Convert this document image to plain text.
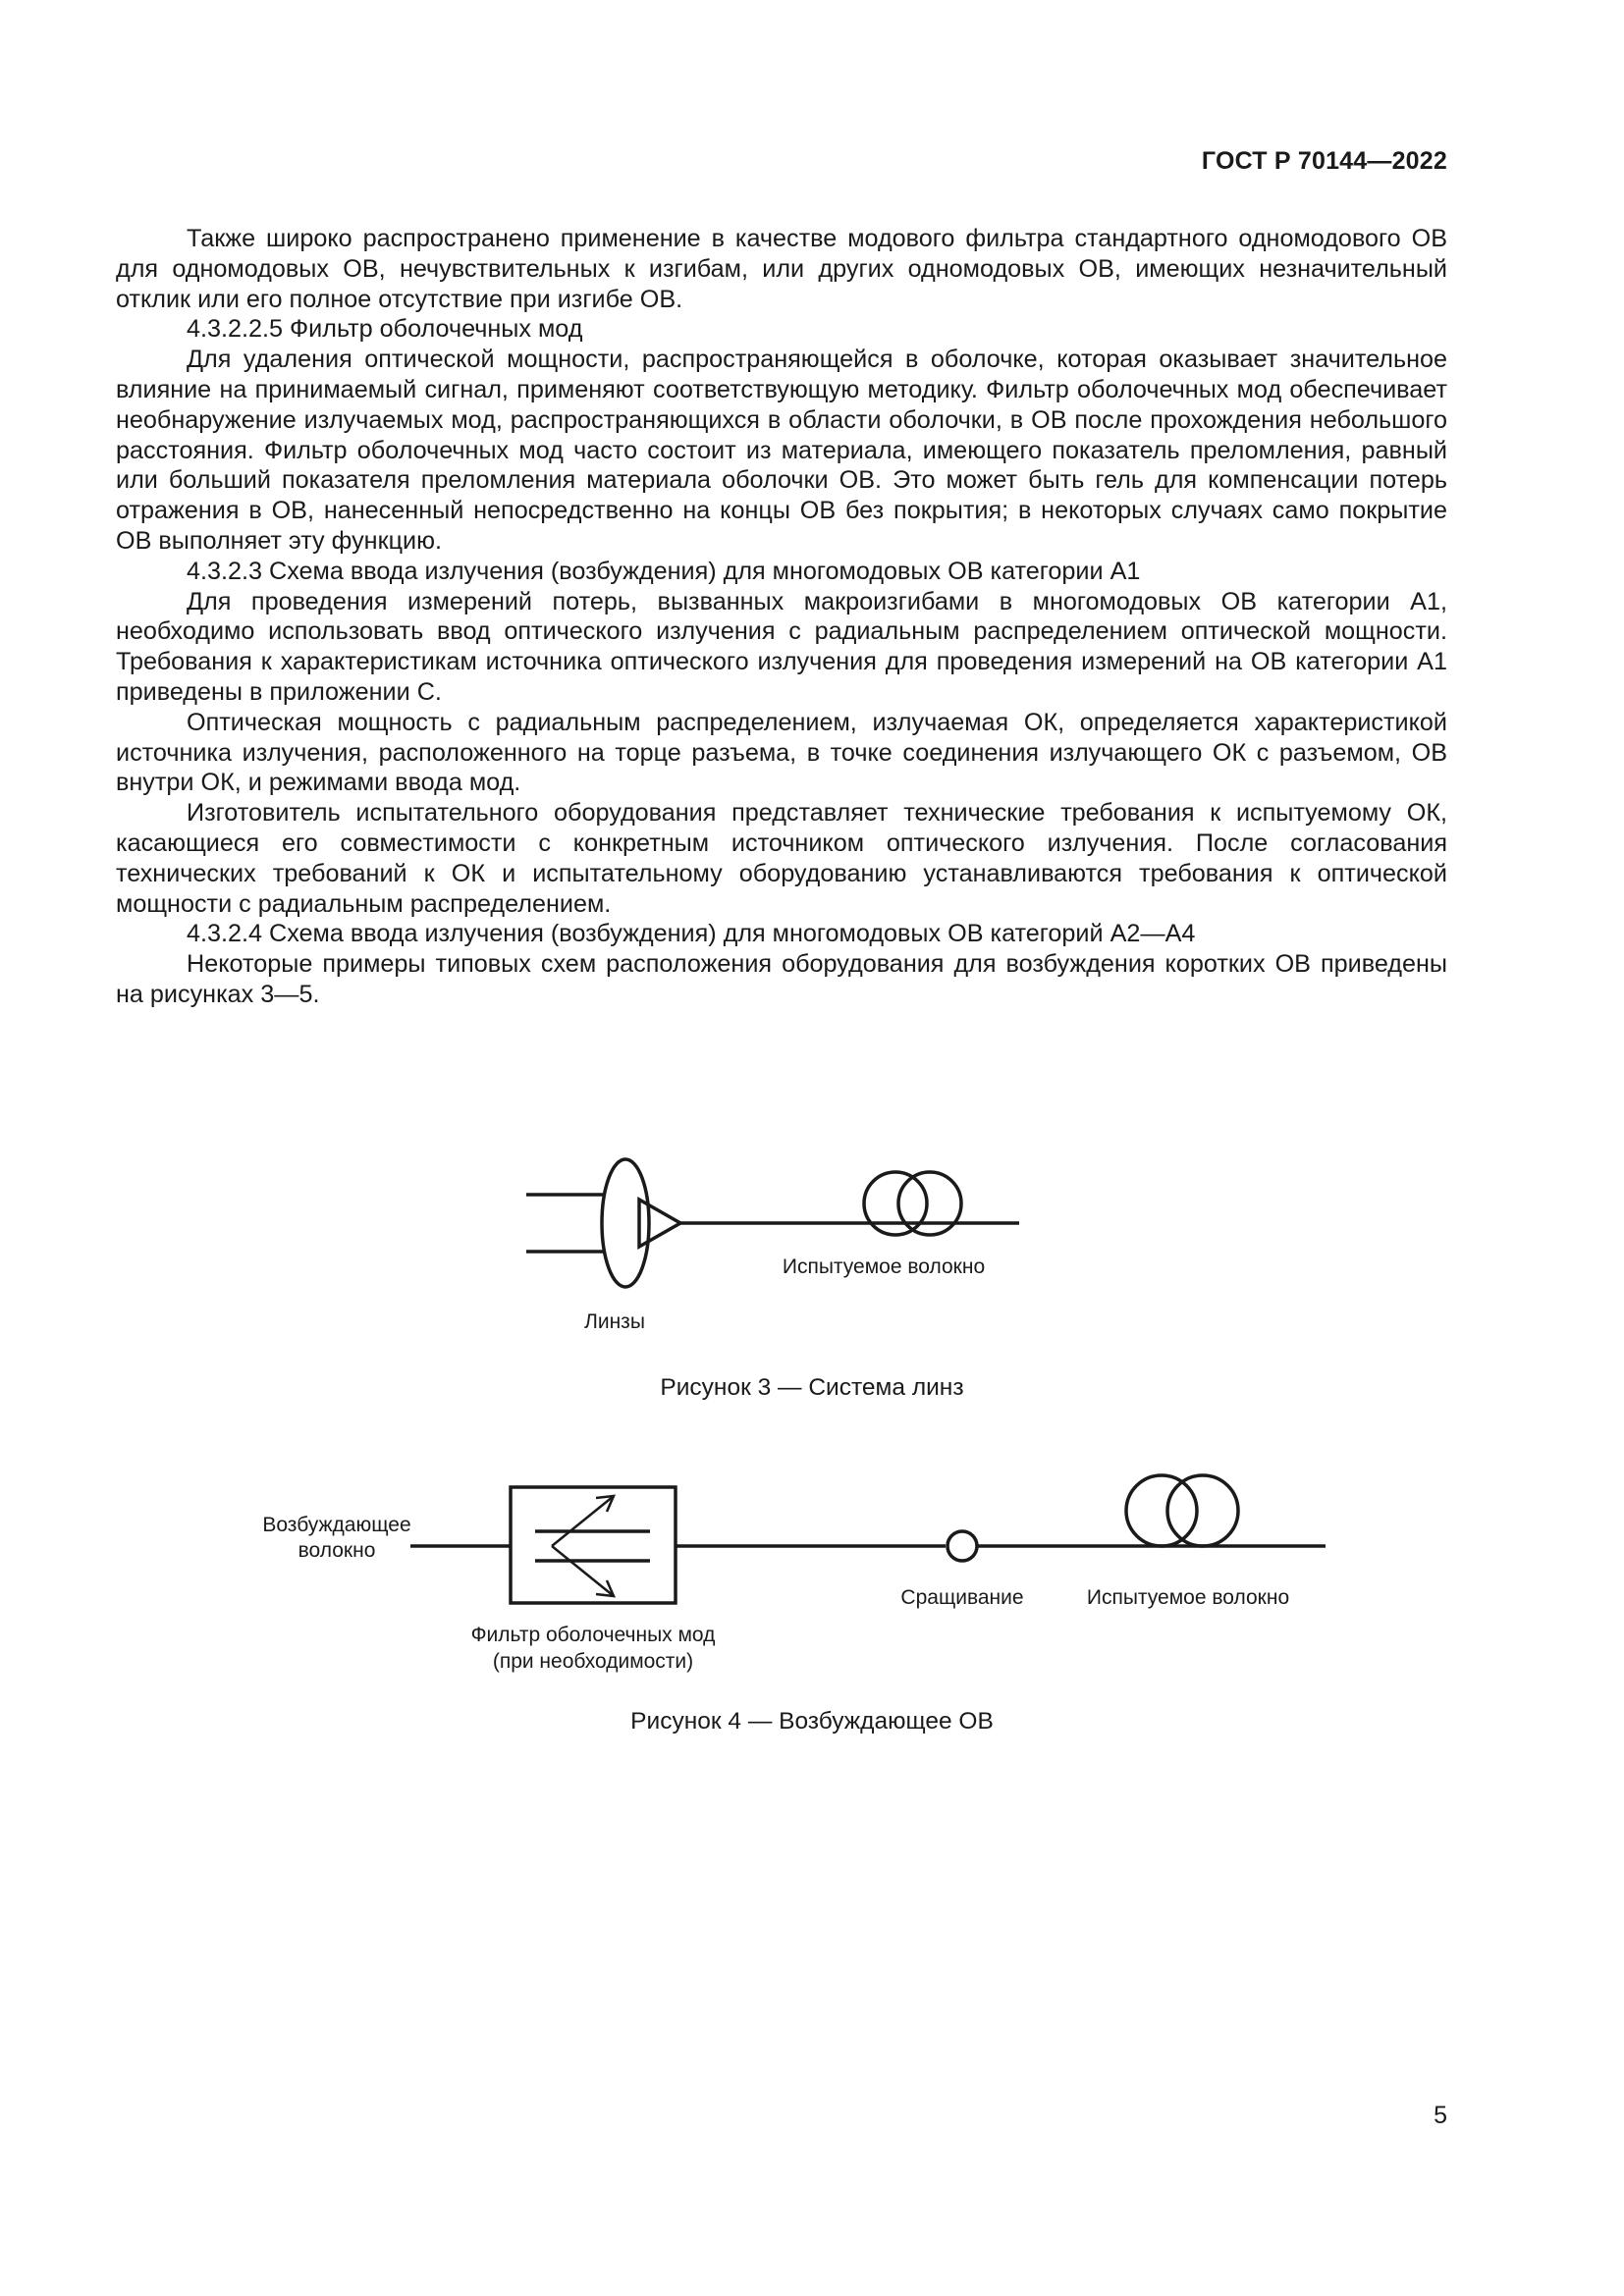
ГОСТ Р 70144—2022

Также широко распространено применение в качестве модового фильтра стандартного одномодового ОВ для одномодовых ОВ, нечувствительных к изгибам, или других одномодовых ОВ, имеющих незначительный отклик или его полное отсутствие при изгибе ОВ.

4.3.2.2.5 Фильтр оболочечных мод

Для удаления оптической мощности, распространяющейся в оболочке, которая оказывает значительное влияние на принимаемый сигнал, применяют соответствующую методику. Фильтр оболочечных мод обеспечивает необнаружение излучаемых мод, распространяющихся в области оболочки, в ОВ после прохождения небольшого расстояния. Фильтр оболочечных мод часто состоит из материала, имеющего показатель преломления, равный или больший показателя преломления материала оболочки ОВ. Это может быть гель для компенсации потерь отражения в ОВ, нанесенный непосредственно на концы ОВ без покрытия; в некоторых случаях само покрытие ОВ выполняет эту функцию.

4.3.2.3 Схема ввода излучения (возбуждения) для многомодовых ОВ категории А1

Для проведения измерений потерь, вызванных макроизгибами в многомодовых ОВ категории А1, необходимо использовать ввод оптического излучения с радиальным распределением оптической мощности. Требования к характеристикам источника оптического излучения для проведения измерений на ОВ категории А1 приведены в приложении С.

Оптическая мощность с радиальным распределением, излучаемая ОК, определяется характеристикой источника излучения, расположенного на торце разъема, в точке соединения излучающего ОК с разъемом, ОВ внутри ОК, и режимами ввода мод.

Изготовитель испытательного оборудования представляет технические требования к испытуемому ОК, касающиеся его совместимости с конкретным источником оптического излучения. После согласования технических требований к ОК и испытательному оборудованию устанавливаются требования к оптической мощности с радиальным распределением.

4.3.2.4 Схема ввода излучения (возбуждения) для многомодовых ОВ категорий А2—А4

Некоторые примеры типовых схем расположения оборудования для возбуждения коротких ОВ приведены на рисунках 3—5.

Испытуемое волокно
Линзы
Рисунок 3 — Система линз
Возбуждающее
волокно
Сращивание	Испытуемое волокно
Фильтр оболочечных мод
(при необходимости)
Рисунок 4 — Возбуждающее ОВ
5
